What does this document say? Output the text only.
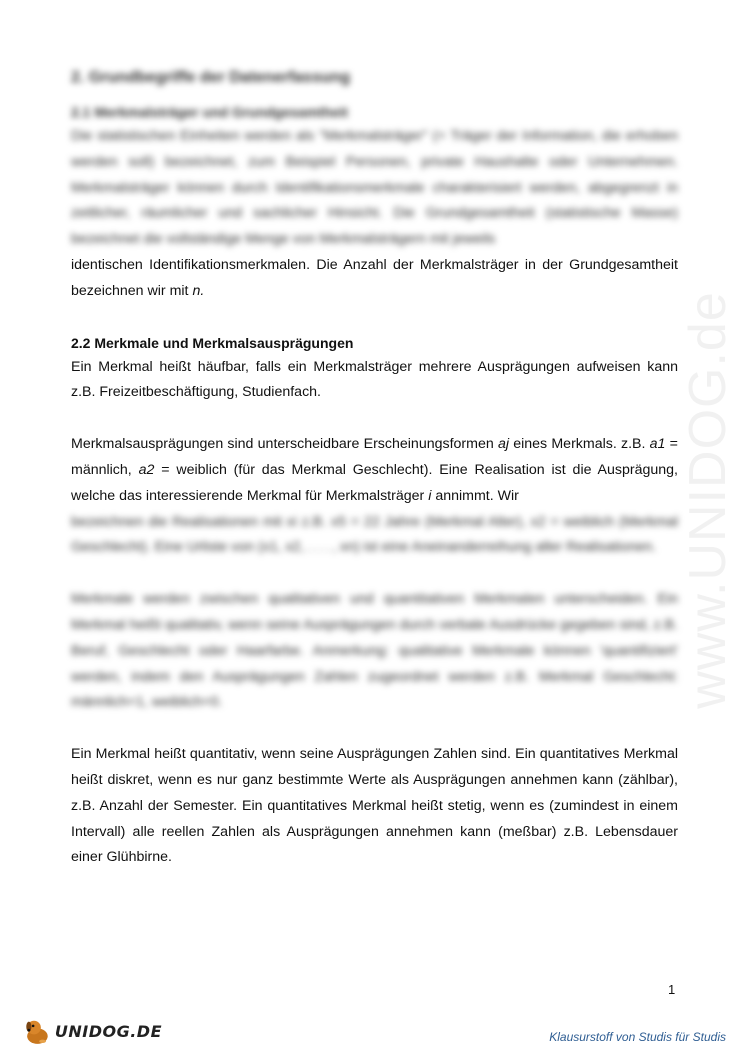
www.UNIDOG.de
2. Grundbegriffe der Datenerfassung
2.1 Merkmalsträger und Grundgesamtheit

Die statistischen Einheiten werden als "Merkmalsträger" (= Träger der Information, die erhoben werden soll) bezeichnet, zum Beispiel Personen, private Haushalte oder Unternehmen. Merkmalsträger können durch Identifikationsmerkmale charakterisiert werden, abgegrenzt in zeitlicher, räumlicher und sachlicher Hinsicht. Die Grundgesamtheit (statistische Masse) bezeichnet die vollständige Menge von Merkmalsträgern mit jeweils

identischen Identifikationsmerkmalen. Die Anzahl der Merkmalsträger in der Grundgesamtheit bezeichnen wir mit n.

2.2 Merkmale und Merkmalsausprägungen

Ein Merkmal heißt häufbar, falls ein Merkmalsträger mehrere Ausprägungen aufweisen kann z.B. Freizeitbeschäftigung, Studienfach.

Merkmalsausprägungen sind unterscheidbare Erscheinungsformen aj eines Merkmals. z.B. a1 = männlich, a2 = weiblich (für das Merkmal Geschlecht). Eine Realisation ist die Ausprägung, welche das interessierende Merkmal für Merkmalsträger i annimmt. Wir

bezeichnen die Realisationen mit xi z.B. x5 = 22 Jahre (Merkmal Alter), x2 = weiblich (Merkmal Geschlecht). Eine Urliste von (x1, x2, . . . , xn) ist eine Aneinanderreihung aller Realisationen.

Merkmale werden zwischen qualitativen und quantitativen Merkmalen unterscheiden. Ein Merkmal heißt qualitativ, wenn seine Ausprägungen durch verbale Ausdrücke gegeben sind, z.B. Beruf, Geschlecht oder Haarfarbe. Anmerkung: qualitative Merkmale können 'quantifiziert' werden, indem den Ausprägungen Zahlen zugeordnet werden z.B. Merkmal Geschlecht: männlich=1, weiblich=0.

Ein Merkmal heißt quantitativ, wenn seine Ausprägungen Zahlen sind. Ein quantitatives Merkmal heißt diskret, wenn es nur ganz bestimmte Werte als Ausprägungen annehmen kann (zählbar), z.B. Anzahl der Semester. Ein quantitatives Merkmal heißt stetig, wenn es (zumindest in einem Intervall) alle reellen Zahlen als Ausprägungen annehmen kann (meßbar) z.B. Lebensdauer einer Glühbirne.

1
UNIDOG.DE	Klausurstoff von Studis für Studis
